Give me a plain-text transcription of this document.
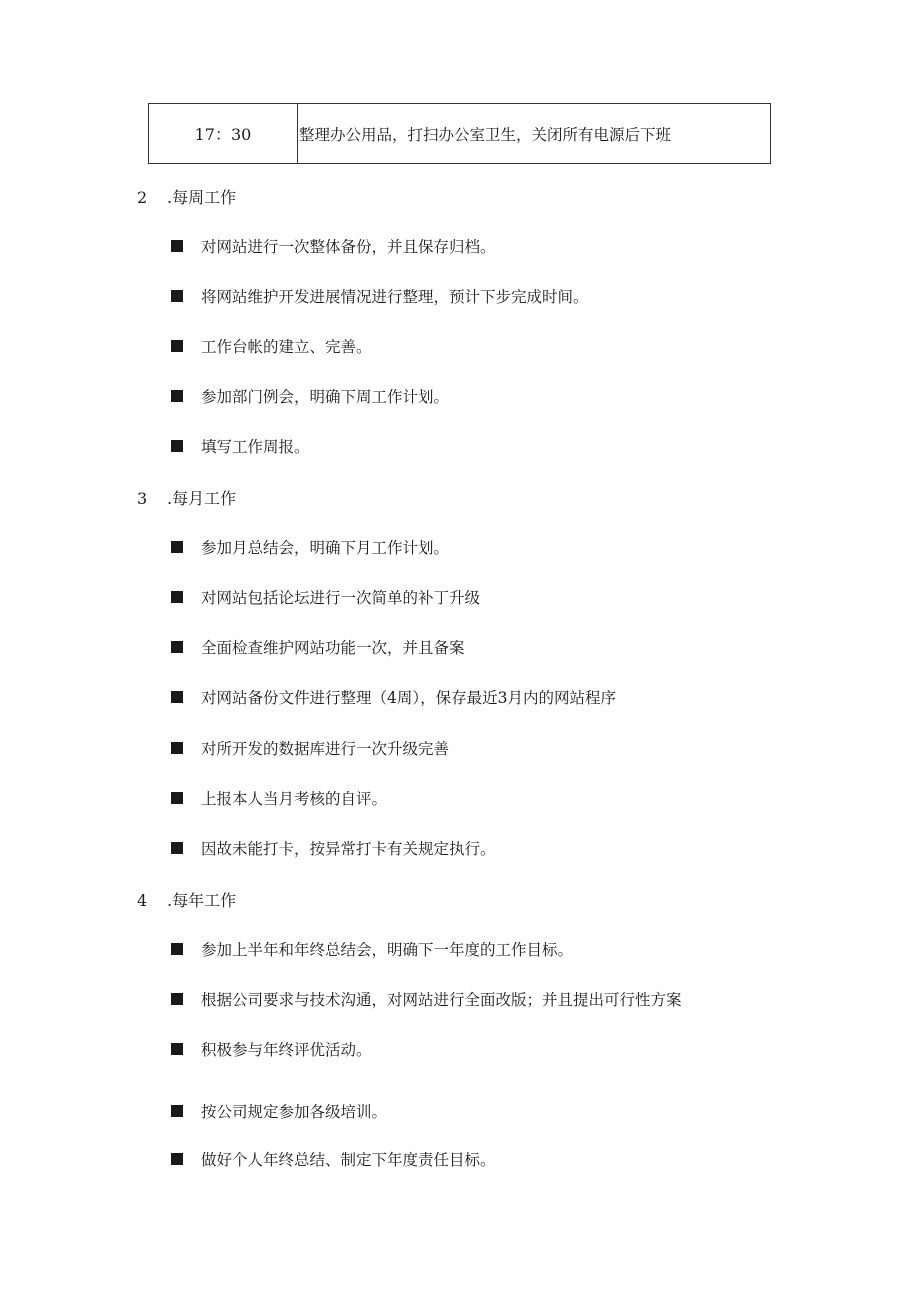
17：30	整理办公用品，打扫办公室卫生，关闭所有电源后下班
2 .每周工作
对网站进行一次整体备份，并且保存归档。
将网站维护开发进展情况进行整理，预计下步完成时间。
工作台帐的建立、完善。
参加部门例会，明确下周工作计划。
填写工作周报。
3 .每月工作
参加月总结会，明确下月工作计划。
对网站包括论坛进行一次简单的补丁升级
全面检查维护网站功能一次，并且备案
对网站备份文件进行整理（4周），保存最近3月内的网站程序
对所开发的数据库进行一次升级完善
上报本人当月考核的自评。
因故未能打卡，按异常打卡有关规定执行。
4 .每年工作
参加上半年和年终总结会，明确下一年度的工作目标。
根据公司要求与技术沟通，对网站进行全面改版；并且提出可行性方案
积极参与年终评优活动。
按公司规定参加各级培训。
做好个人年终总结、制定下年度责任目标。
